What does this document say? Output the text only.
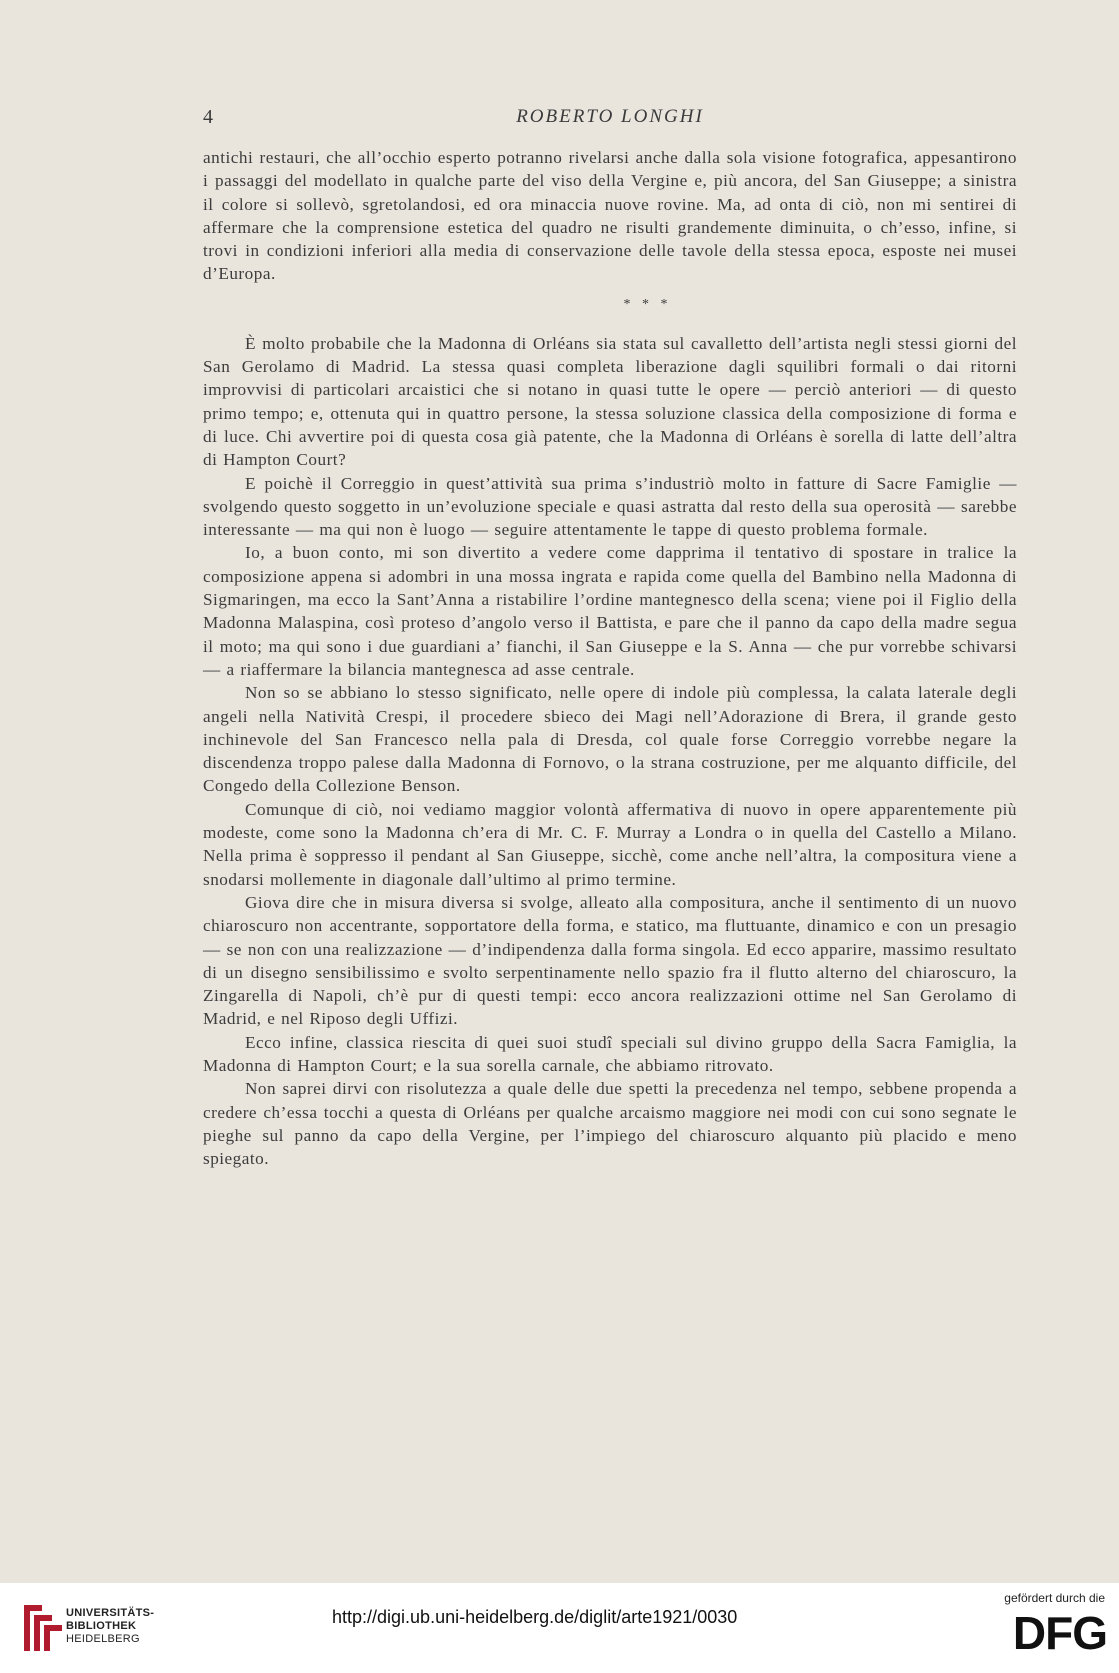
4	ROBERTO LONGHI

antichi restauri, che all’occhio esperto potranno rivelarsi anche dalla sola visione fotografica, appesantirono i passaggi del modellato in qualche parte del viso della Vergine e, più ancora, del San Giuseppe; a sinistra il colore si sollevò, sgretolandosi, ed ora minaccia nuove rovine. Ma, ad onta di ciò, non mi sentirei di affermare che la comprensione estetica del quadro ne risulti grandemente diminuita, o ch’esso, infine, si trovi in condizioni inferiori alla media di conservazione delle tavole della stessa epoca, esposte nei musei d’Europa.

* * *

È molto probabile che la Madonna di Orléans sia stata sul cavalletto dell’artista negli stessi giorni del San Gerolamo di Madrid. La stessa quasi completa liberazione dagli squilibri formali o dai ritorni improvvisi di particolari arcaistici che si notano in quasi tutte le opere — perciò anteriori — di questo primo tempo; e, ottenuta qui in quattro persone, la stessa soluzione classica della composizione di forma e di luce. Chi avvertire poi di questa cosa già patente, che la Madonna di Orléans è sorella di latte dell’altra di Hampton Court?

E poichè il Correggio in quest’attività sua prima s’industriò molto in fatture di Sacre Famiglie — svolgendo questo soggetto in un’evoluzione speciale e quasi astratta dal resto della sua operosità — sarebbe interessante — ma qui non è luogo — seguire attentamente le tappe di questo problema formale.

Io, a buon conto, mi son divertito a vedere come dapprima il tentativo di spostare in tralice la composizione appena si adombri in una mossa ingrata e rapida come quella del Bambino nella Madonna di Sigmaringen, ma ecco la Sant’Anna a ristabilire l’ordine mantegnesco della scena; viene poi il Figlio della Madonna Malaspina, così proteso d’angolo verso il Battista, e pare che il panno da capo della madre segua il moto; ma qui sono i due guardiani a’ fianchi, il San Giuseppe e la S. Anna — che pur vorrebbe schivarsi — a riaffermare la bilancia mantegnesca ad asse centrale.

Non so se abbiano lo stesso significato, nelle opere di indole più complessa, la calata laterale degli angeli nella Natività Crespi, il procedere sbieco dei Magi nell’Adorazione di Brera, il grande gesto inchinevole del San Francesco nella pala di Dresda, col quale forse Correggio vorrebbe negare la discendenza troppo palese dalla Madonna di Fornovo, o la strana costruzione, per me alquanto difficile, del Congedo della Collezione Benson.

Comunque di ciò, noi vediamo maggior volontà affermativa di nuovo in opere apparentemente più modeste, come sono la Madonna ch’era di Mr. C. F. Murray a Londra o in quella del Castello a Milano. Nella prima è soppresso il pendant al San Giuseppe, sicchè, come anche nell’altra, la compositura viene a snodarsi mollemente in diagonale dall’ultimo al primo termine.

Giova dire che in misura diversa si svolge, alleato alla compositura, anche il sentimento di un nuovo chiaroscuro non accentrante, sopportatore della forma, e statico, ma fluttuante, dinamico e con un presagio — se non con una realizzazione — d’indipendenza dalla forma singola. Ed ecco apparire, massimo resultato di un disegno sensibilissimo e svolto serpentinamente nello spazio fra il flutto alterno del chiaroscuro, la Zingarella di Napoli, ch’è pur di questi tempi: ecco ancora realizzazioni ottime nel San Gerolamo di Madrid, e nel Riposo degli Uffizi.

Ecco infine, classica riescita di quei suoi studî speciali sul divino gruppo della Sacra Famiglia, la Madonna di Hampton Court; e la sua sorella carnale, che abbiamo ritrovato.

Non saprei dirvi con risolutezza a quale delle due spetti la precedenza nel tempo, sebbene propenda a credere ch’essa tocchi a questa di Orléans per qualche arcaismo maggiore nei modi con cui sono segnate le pieghe sul panno da capo della Vergine, per l’impiego del chiaroscuro alquanto più placido e meno spiegato.

UNIVERSITÄTS-
BIBLIOTHEK
HEIDELBERG
http://digi.ub.uni-heidelberg.de/diglit/arte1921/0030
gefördert durch die
DFG
